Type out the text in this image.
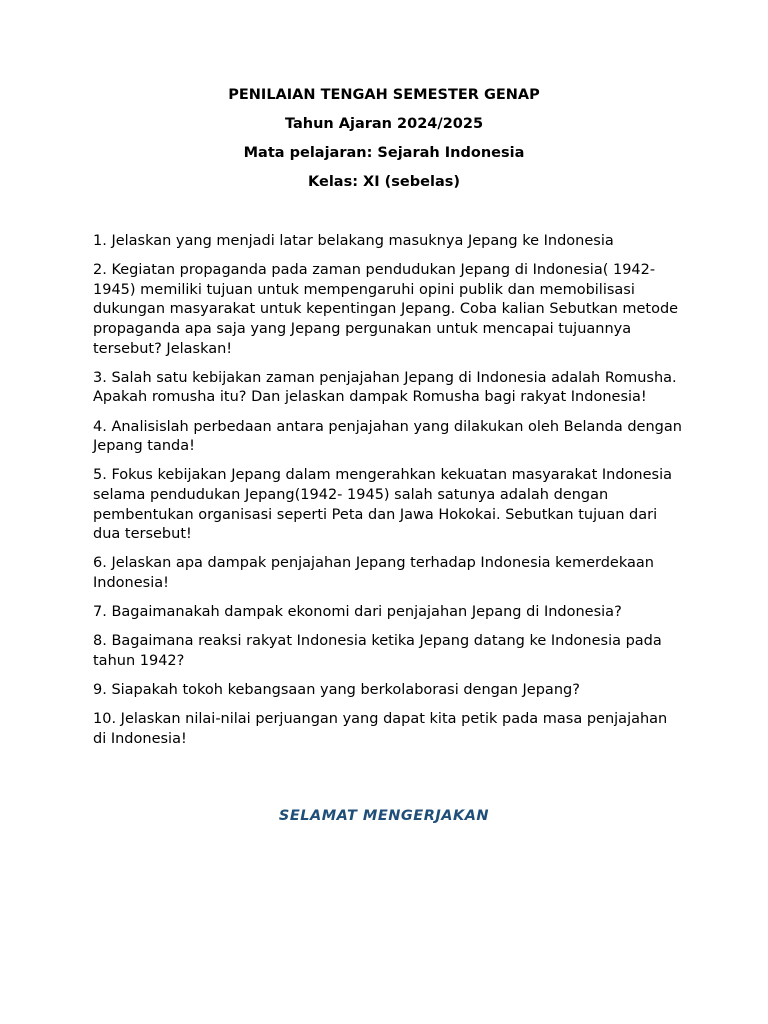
PENILAIAN TENGAH SEMESTER GENAP

Tahun Ajaran 2024/2025

Mata pelajaran: Sejarah Indonesia

Kelas: XI (sebelas)

1. Jelaskan yang menjadi latar belakang masuknya Jepang ke Indonesia
2. Kegiatan propaganda pada zaman pendudukan Jepang di Indonesia( 1942- 1945) memiliki tujuan untuk mempengaruhi opini publik dan memobilisasi dukungan masyarakat untuk kepentingan Jepang. Coba kalian Sebutkan metode propaganda apa saja yang Jepang pergunakan untuk mencapai tujuannya tersebut? Jelaskan!
3. Salah satu kebijakan zaman penjajahan Jepang di Indonesia adalah Romusha. Apakah romusha itu? Dan jelaskan dampak Romusha bagi rakyat Indonesia!
4. Analisislah perbedaan antara penjajahan yang dilakukan oleh Belanda dengan Jepang tanda!
5. Fokus kebijakan Jepang dalam mengerahkan kekuatan masyarakat Indonesia selama pendudukan Jepang(1942- 1945) salah satunya adalah dengan pembentukan organisasi seperti Peta dan Jawa Hokokai. Sebutkan tujuan dari dua tersebut!
6. Jelaskan apa dampak penjajahan Jepang terhadap Indonesia kemerdekaan Indonesia!
7. Bagaimanakah dampak ekonomi dari penjajahan Jepang di Indonesia?
8. Bagaimana reaksi rakyat Indonesia ketika Jepang datang ke Indonesia pada tahun 1942?
9. Siapakah tokoh kebangsaan yang berkolaborasi dengan Jepang?
10. Jelaskan nilai-nilai perjuangan yang dapat kita petik pada masa penjajahan di Indonesia!
SELAMAT MENGERJAKAN
